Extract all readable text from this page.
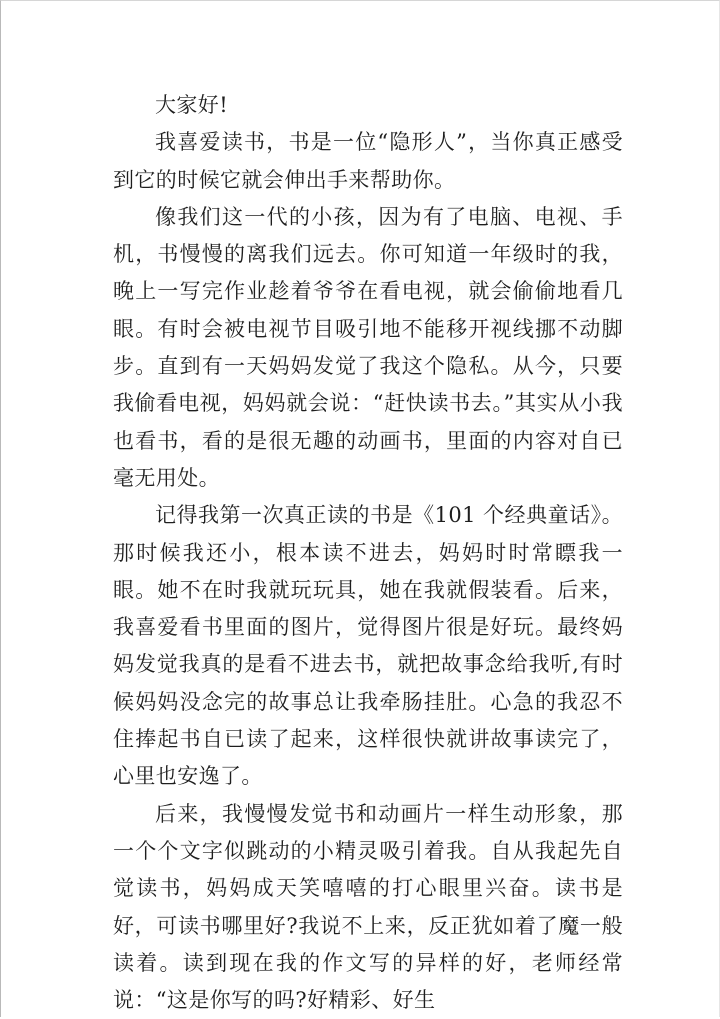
大家好!

我喜爱读书，书是一位“隐形人”，当你真正感受到它的时候它就会伸出手来帮助你。

像我们这一代的小孩，因为有了电脑、电视、手机，书慢慢的离我们远去。你可知道一年级时的我，晚上一写完作业趁着爷爷在看电视，就会偷偷地看几眼。有时会被电视节目吸引地不能移开视线挪不动脚步。直到有一天妈妈发觉了我这个隐私。从今，只要我偷看电视，妈妈就会说：“赶快读书去。”其实从小我也看书，看的是很无趣的动画书，里面的内容对自已毫无用处。

记得我第一次真正读的书是《101 个经典童话》。那时候我还小，根本读不进去，妈妈时时常瞟我一眼。她不在时我就玩玩具，她在我就假装看。后来，我喜爱看书里面的图片，觉得图片很是好玩。最终妈妈发觉我真的是看不进去书，就把故事念给我听,有时候妈妈没念完的故事总让我牵肠挂肚。心急的我忍不住捧起书自已读了起来，这样很快就讲故事读完了，心里也安逸了。

后来，我慢慢发觉书和动画片一样生动形象，那一个个文字似跳动的小精灵吸引着我。自从我起先自觉读书，妈妈成天笑嘻嘻的打心眼里兴奋。读书是好，可读书哪里好?我说不上来，反正犹如着了魔一般读着。读到现在我的作文写的异样的好，老师经常说：“这是你写的吗?好精彩、好生
